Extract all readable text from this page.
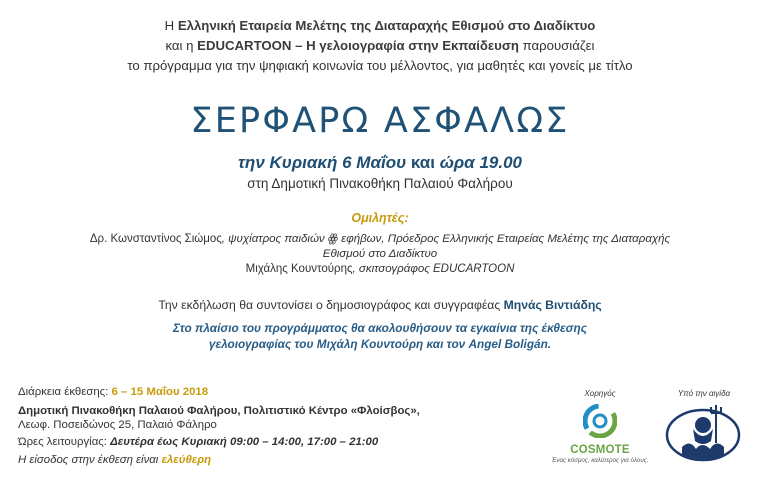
Η Ελληνική Εταιρεία Μελέτης της Διαταραχής Εθισμού στο Διαδίκτυο
και η EDUCARTOON – Η γελοιογραφία στην Εκπαίδευση παρουσιάζει
το πρόγραμμα για την ψηφιακή κοινωνία του μέλλοντος, για μαθητές και γονείς με τίτλο
ΣΕΡΦΑΡΩ ΑΣΦΑΛΩΣ
την Κυριακή 6 Μαΐου και ώρα 19.00
στη Δημοτική Πινακοθήκη Παλαιού Φαλήρου
Ομιλητές:
Δρ. Κωνσταντίνος Σιώμος, ψυχίατρος παιδιών ꙮ εφήβων, Πρόεδρος Ελληνικής Εταιρείας Μελέτης της Διαταραχής Εθισμού στο Διαδίκτυο
Μιχάλης Κουντούρης, σκιτσογράφος EDUCARTOON
Την εκδήλωση θα συντονίσει ο δημοσιογράφος και συγγραφέας Μηνάς Βιντιάδης
Στο πλαίσιο του προγράμματος θα ακολουθήσουν τα εγκαίνια της έκθεσης
γελοιογραφίας του Μιχάλη Κουντούρη και τον Angel Boligán.
Διάρκεια έκθεσης: 6 – 15 Μαΐου 2018
Δημοτική Πινακοθήκη Παλαιού Φαλήρου, Πολιτιστικό Κέντρο «Φλοίσβος»,
Λεωφ. Ποσειδώνος 25, Παλαιό Φάληρο
Ώρες λειτουργίας: Δευτέρα έως Κυριακή 09:00 – 14:00, 17:00 – 21:00
Η είσοδος στην έκθεση είναι ελεύθερη
Χορηγός	Υπό την αιγίδα
COSMOTE
Ένας κόσμος, καλύτερος για όλους.
